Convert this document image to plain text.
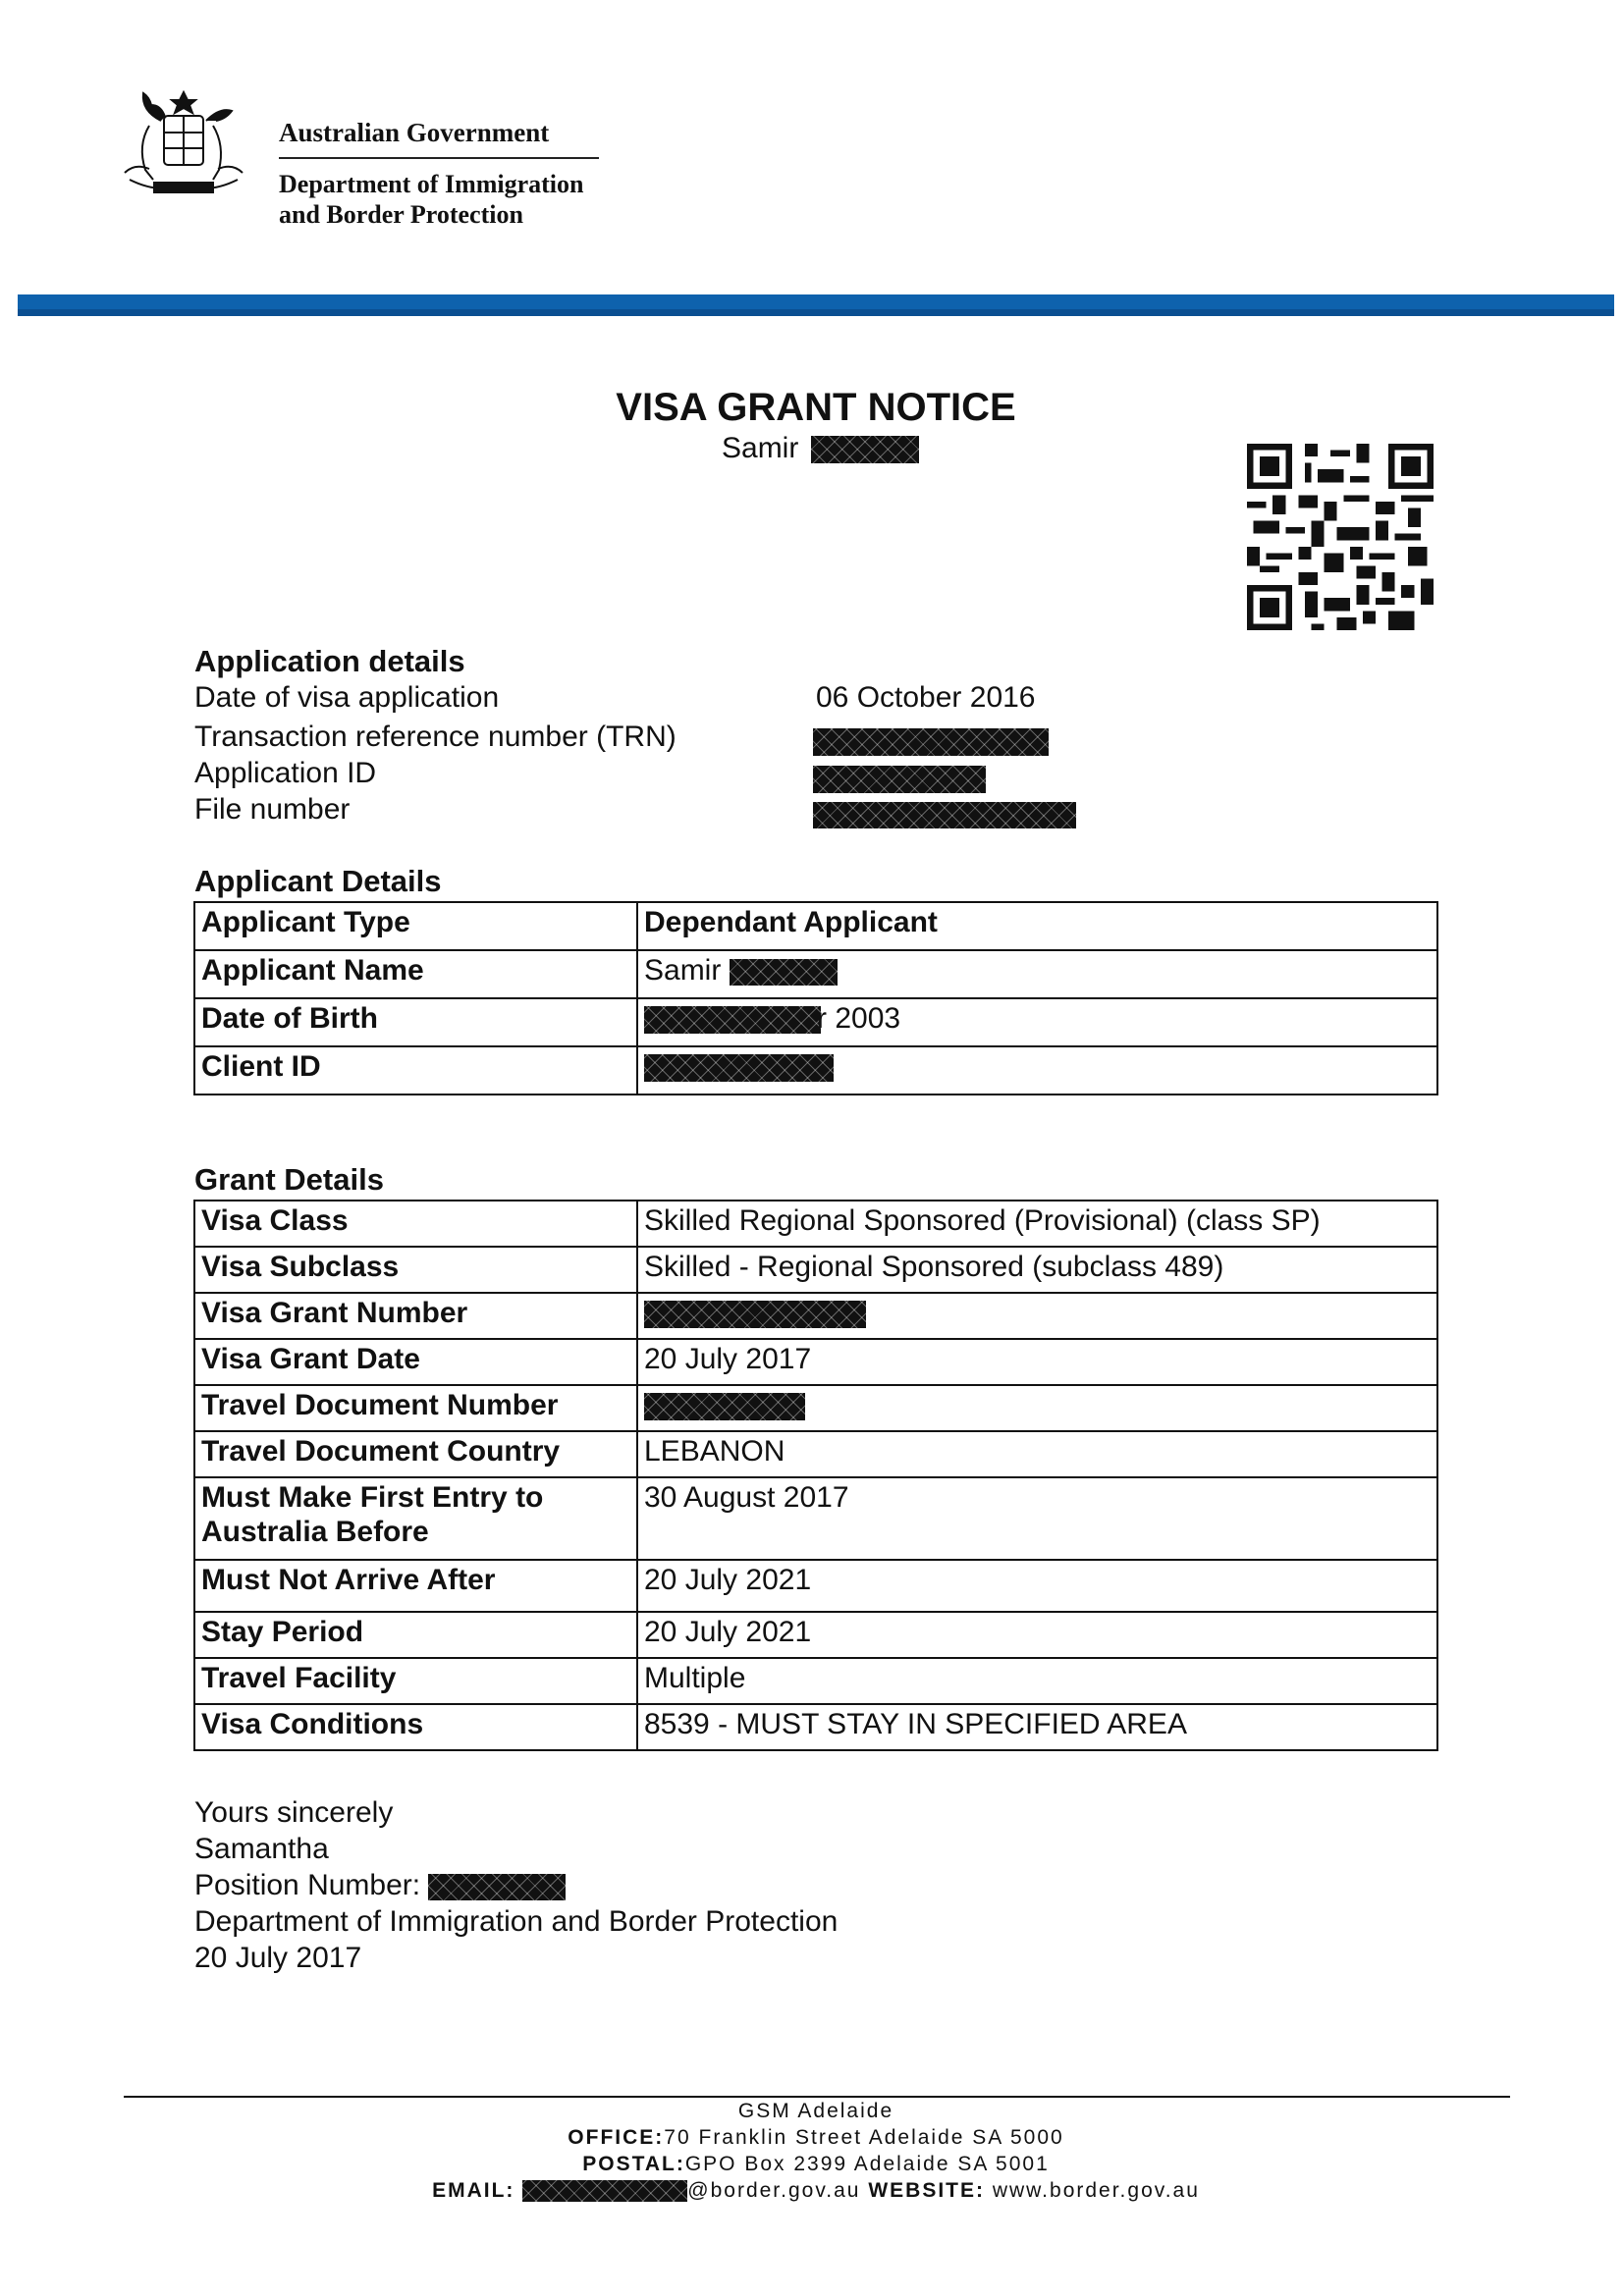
Australian Government
Department of Immigration
and Border Protection
VISA GRANT NOTICE
Samir
Application details
Date of visa application	06 October 2016
Transaction reference number (TRN)
Application ID
File number
Applicant Details
Applicant Type	Dependant Applicant
Applicant Name	Samir
Date of Birth	r 2003
Client ID	
Grant Details
Visa Class	Skilled Regional Sponsored (Provisional) (class SP)
Visa Subclass	Skilled - Regional Sponsored (subclass 489)
Visa Grant Number	
Visa Grant Date	20 July 2017
Travel Document Number	
Travel Document Country	LEBANON
Must Make First Entry to Australia Before	30 August 2017
Must Not Arrive After	20 July 2021
Stay Period	20 July 2021
Travel Facility	Multiple
Visa Conditions	8539 - MUST STAY IN SPECIFIED AREA
Yours sincerely
Samantha
Position Number:
Department of Immigration and Border Protection
20 July 2017
GSM Adelaide
OFFICE:70 Franklin Street Adelaide SA 5000
POSTAL:GPO Box 2399 Adelaide SA 5001
EMAIL:	@border.gov.au WEBSITE: www.border.gov.au
